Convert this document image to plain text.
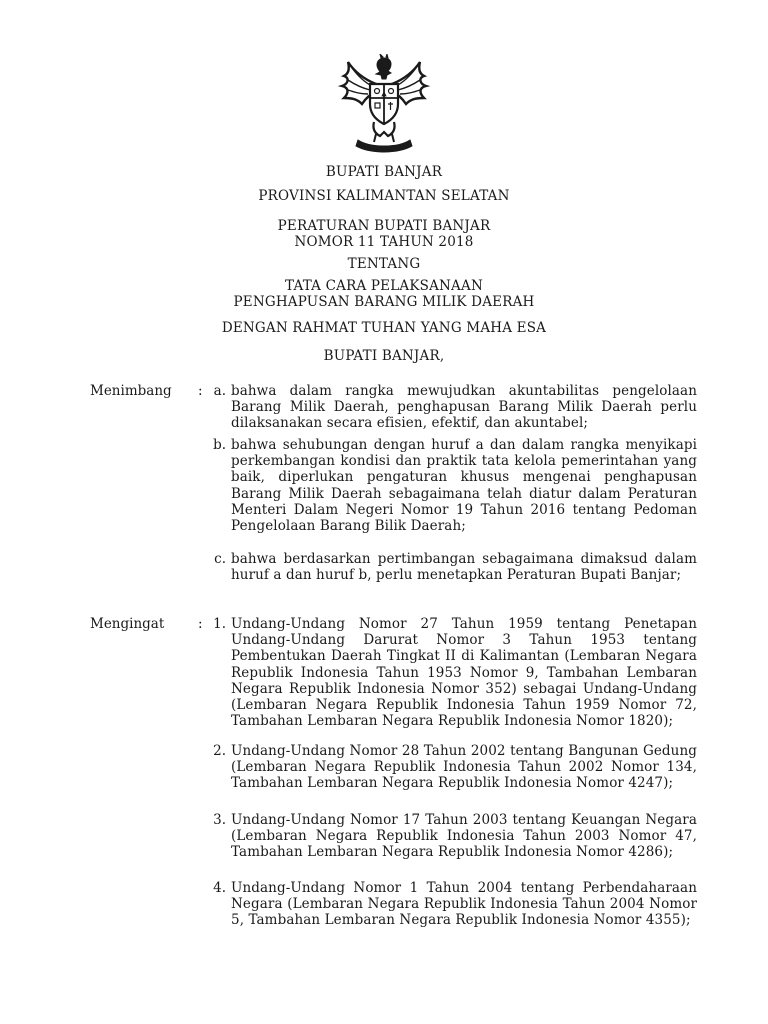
BUPATI BANJAR
PROVINSI KALIMANTAN SELATAN
PERATURAN BUPATI BANJAR
NOMOR 11 TAHUN 2018
TENTANG
TATA CARA PELAKSANAAN
PENGHAPUSAN BARANG MILIK DAERAH
DENGAN RAHMAT TUHAN YANG MAHA ESA
BUPATI BANJAR,
Menimbang : a. bahwa dalam rangka mewujudkan akuntabilitas pengelolaan Barang Milik Daerah, penghapusan Barang Milik Daerah perlu dilaksanakan secara efisien, efektif, dan akuntabel;
b. bahwa sehubungan dengan huruf a dan dalam rangka menyikapi perkembangan kondisi dan praktik tata kelola pemerintahan yang baik, diperlukan pengaturan khusus mengenai penghapusan Barang Milik Daerah sebagaimana telah diatur dalam Peraturan Menteri Dalam Negeri Nomor 19 Tahun 2016 tentang Pedoman Pengelolaan Barang Bilik Daerah;
c. bahwa berdasarkan pertimbangan sebagaimana dimaksud dalam huruf a dan huruf b, perlu menetapkan Peraturan Bupati Banjar;
Mengingat : 1. Undang-Undang Nomor 27 Tahun 1959 tentang Penetapan Undang-Undang Darurat Nomor 3 Tahun 1953 tentang Pembentukan Daerah Tingkat II di Kalimantan (Lembaran Negara Republik Indonesia Tahun 1953 Nomor 9, Tambahan Lembaran Negara Republik Indonesia Nomor 352) sebagai Undang-Undang (Lembaran Negara Republik Indonesia Tahun 1959 Nomor 72, Tambahan Lembaran Negara Republik Indonesia Nomor 1820);
2. Undang-Undang Nomor 28 Tahun 2002 tentang Bangunan Gedung (Lembaran Negara Republik Indonesia Tahun 2002 Nomor 134, Tambahan Lembaran Negara Republik Indonesia Nomor 4247);
3. Undang-Undang Nomor 17 Tahun 2003 tentang Keuangan Negara (Lembaran Negara Republik Indonesia Tahun 2003 Nomor 47, Tambahan Lembaran Negara Republik Indonesia Nomor 4286);
4. Undang-Undang Nomor 1 Tahun 2004 tentang Perbendaharaan Negara (Lembaran Negara Republik Indonesia Tahun 2004 Nomor 5, Tambahan Lembaran Negara Republik Indonesia Nomor 4355);
